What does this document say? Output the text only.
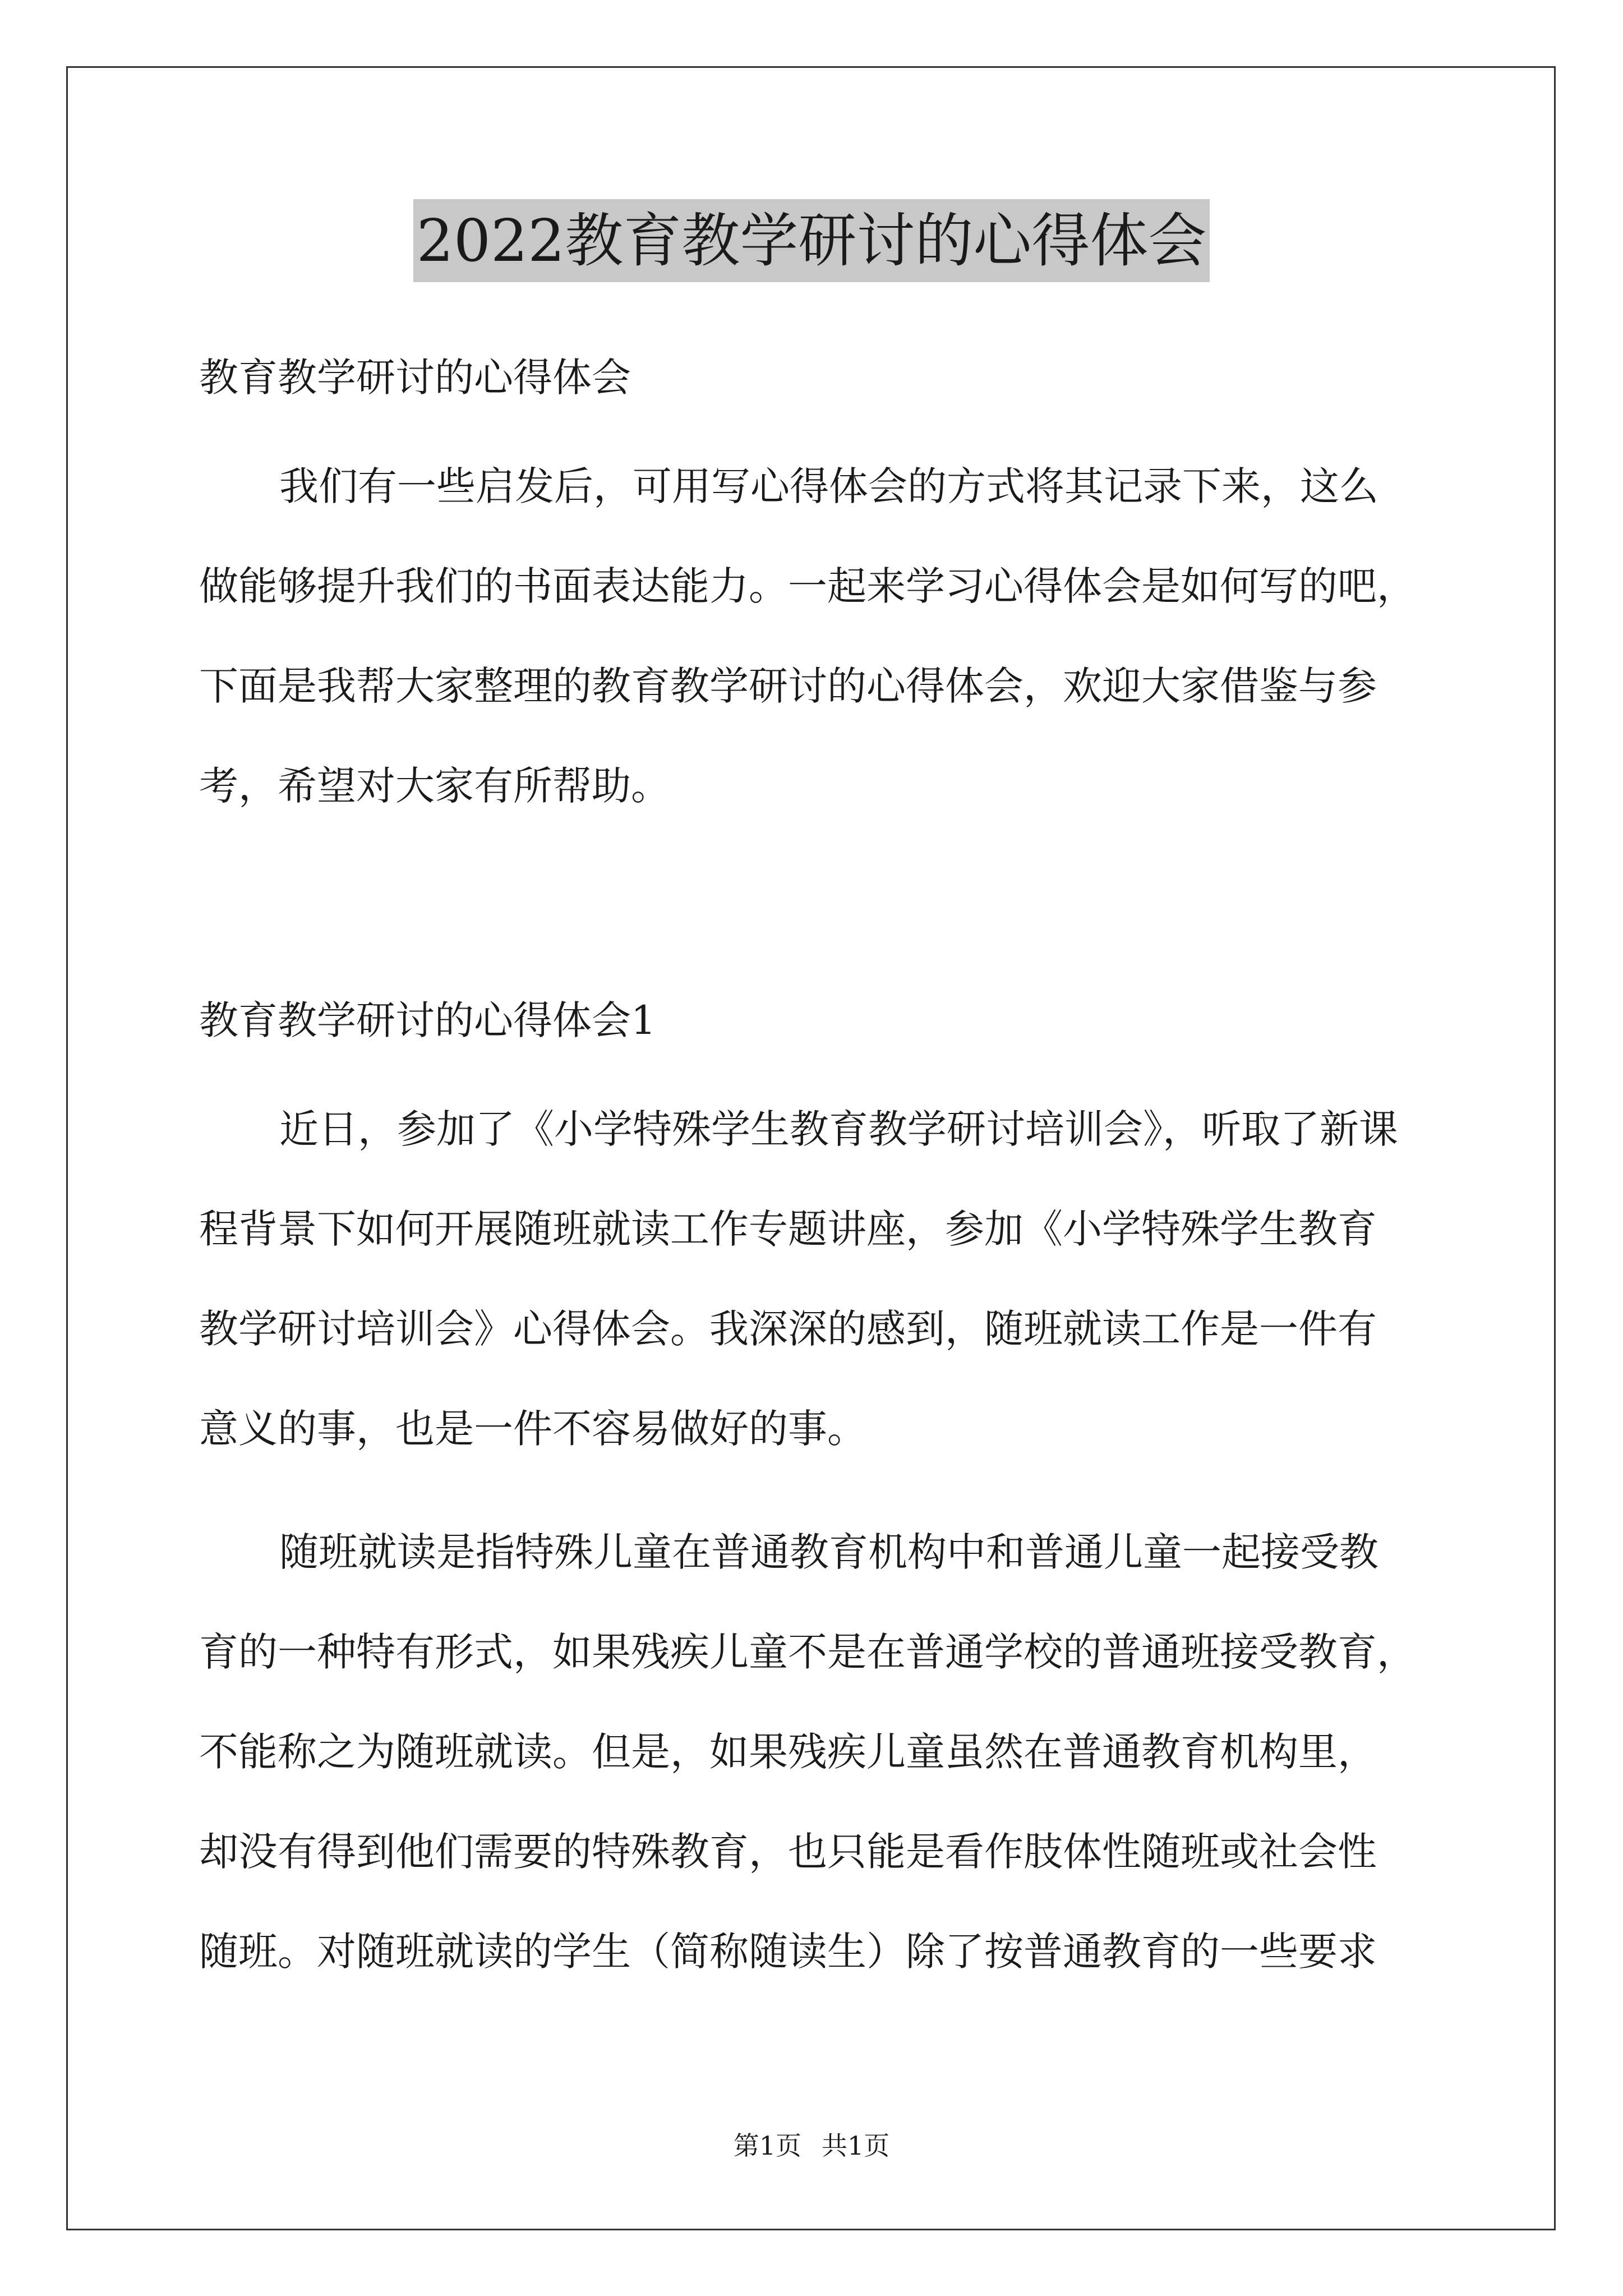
2022教育教学研讨的心得体会
教育教学研讨的心得体会
我们有一些启发后，可用写心得体会的方式将其记录下来，这么
做能够提升我们的书面表达能力。一起来学习心得体会是如何写的吧，
下面是我帮大家整理的教育教学研讨的心得体会，欢迎大家借鉴与参
考，希望对大家有所帮助。
教育教学研讨的心得体会1
近日，参加了《小学特殊学生教育教学研讨培训会》，听取了新课
程背景下如何开展随班就读工作专题讲座，参加《小学特殊学生教育
教学研讨培训会》心得体会。我深深的感到，随班就读工作是一件有
意义的事，也是一件不容易做好的事。
随班就读是指特殊儿童在普通教育机构中和普通儿童一起接受教
育的一种特有形式，如果残疾儿童不是在普通学校的普通班接受教育，
不能称之为随班就读。但是，如果残疾儿童虽然在普通教育机构里，
却没有得到他们需要的特殊教育，也只能是看作肢体性随班或社会性
随班。对随班就读的学生（简称随读生）除了按普通教育的一些要求
第1页 共1页
